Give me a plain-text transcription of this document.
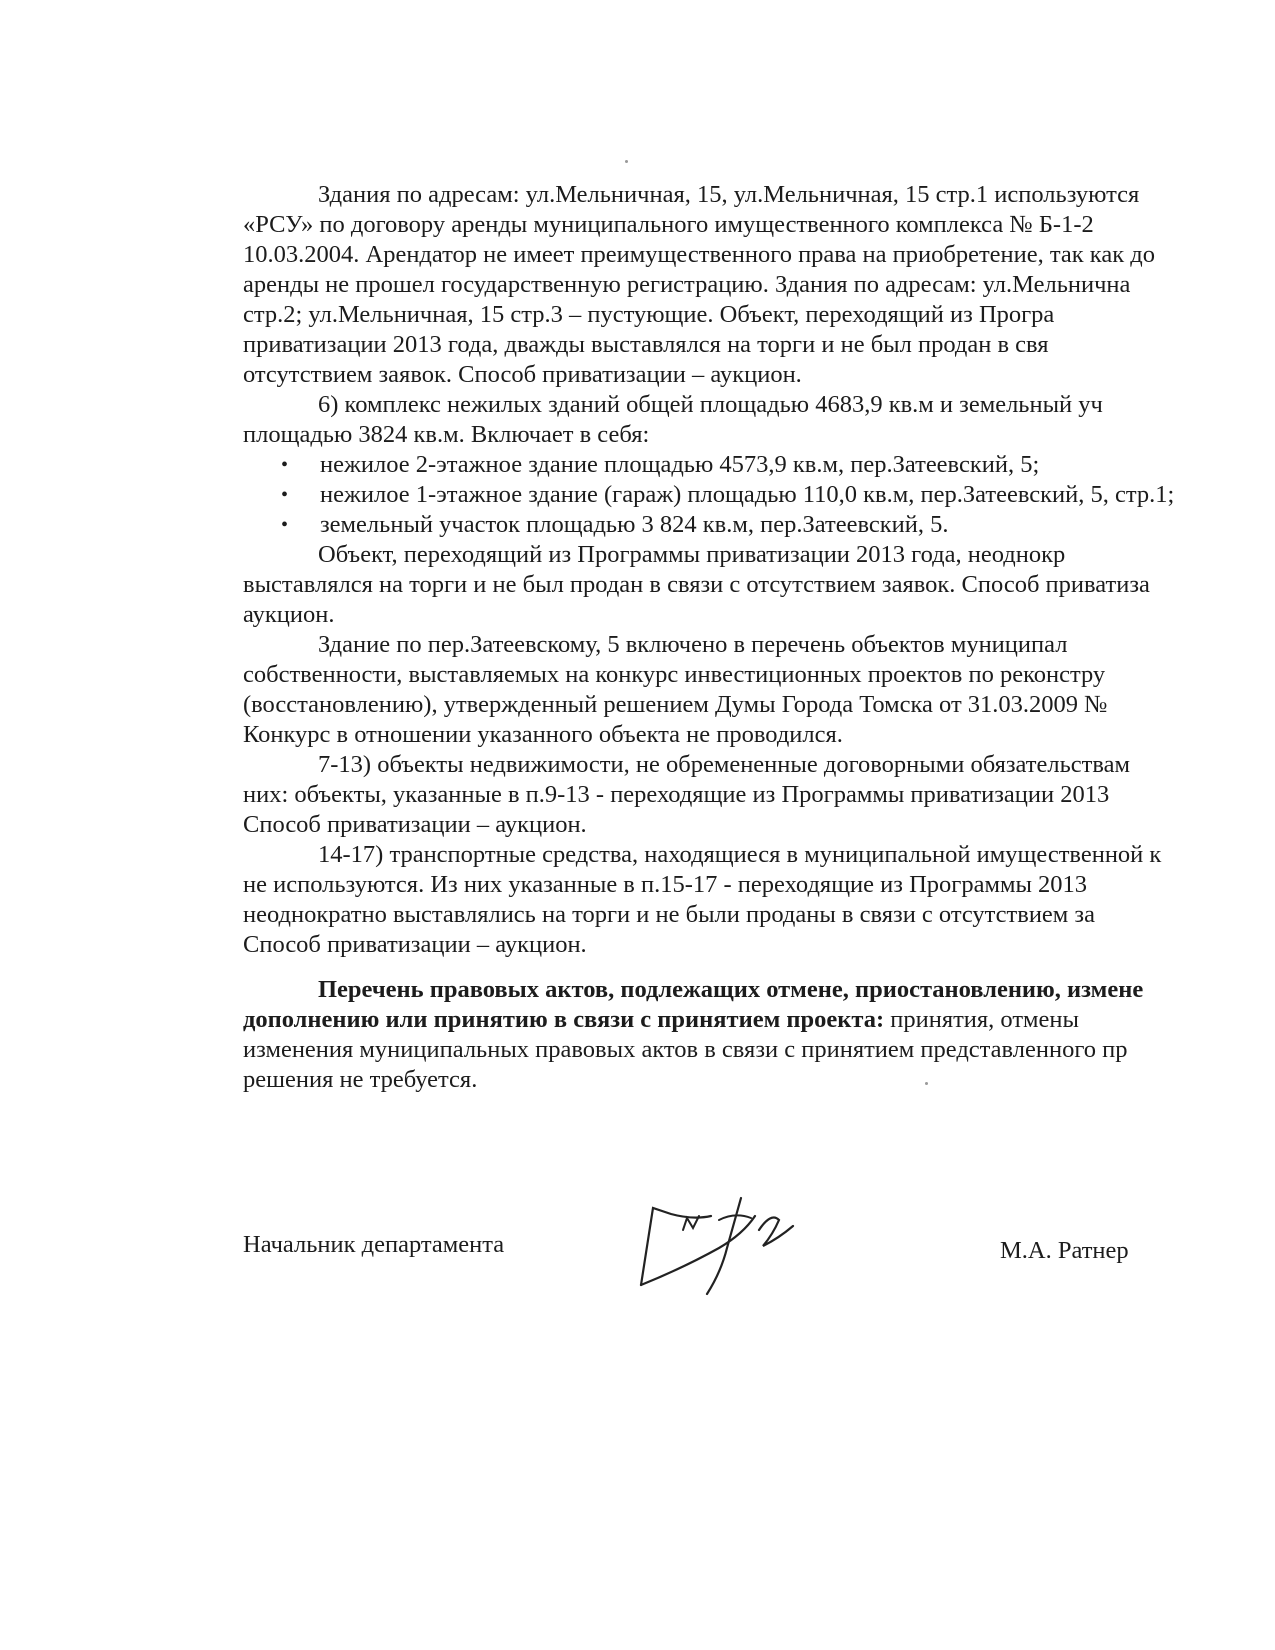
Здания по адресам: ул.Мельничная, 15, ул.Мельничная, 15 стр.1 используются
«РСУ» по договору аренды муниципального имущественного комплекса № Б-1-2
10.03.2004. Арендатор не имеет преимущественного права на приобретение, так как до
аренды не прошел государственную регистрацию. Здания по адресам: ул.Мельнична
стр.2; ул.Мельничная, 15 стр.3 – пустующие. Объект, переходящий из Програ
приватизации 2013 года, дважды выставлялся на торги и не был продан в свя
отсутствием заявок. Способ приватизации – аукцион.
6) комплекс нежилых зданий общей площадью 4683,9 кв.м и земельный уч
площадью 3824 кв.м. Включает в себя:
• нежилое 2-этажное здание площадью 4573,9 кв.м, пер.Затеевский, 5;
• нежилое 1-этажное здание (гараж) площадью 110,0 кв.м, пер.Затеевский, 5, стр.1;
• земельный участок площадью 3 824 кв.м, пер.Затеевский, 5.
Объект, переходящий из Программы приватизации 2013 года, неоднокр
выставлялся на торги и не был продан в связи с отсутствием заявок. Способ приватиза
аукцион.
Здание по пер.Затеевскому, 5 включено в перечень объектов муниципал
собственности, выставляемых на конкурс инвестиционных проектов по реконстру
(восстановлению), утвержденный решением Думы Города Томска от 31.03.2009 №
Конкурс в отношении указанного объекта не проводился.
7-13) объекты недвижимости, не обремененные договорными обязательствам
них: объекты, указанные в п.9-13 - переходящие из Программы приватизации 2013
Способ приватизации – аукцион.
14-17) транспортные средства, находящиеся в муниципальной имущественной к
не используются. Из них указанные в п.15-17 - переходящие из Программы 2013
неоднократно выставлялись на торги и не были проданы в связи с отсутствием за
Способ приватизации – аукцион.
Перечень правовых актов, подлежащих отмене, приостановлению, измене
дополнению или принятию в связи с принятием проекта: принятия, отмены
изменения муниципальных правовых актов в связи с принятием представленного пр
решения не требуется.
Начальник департамента	М.А. Ратнер
